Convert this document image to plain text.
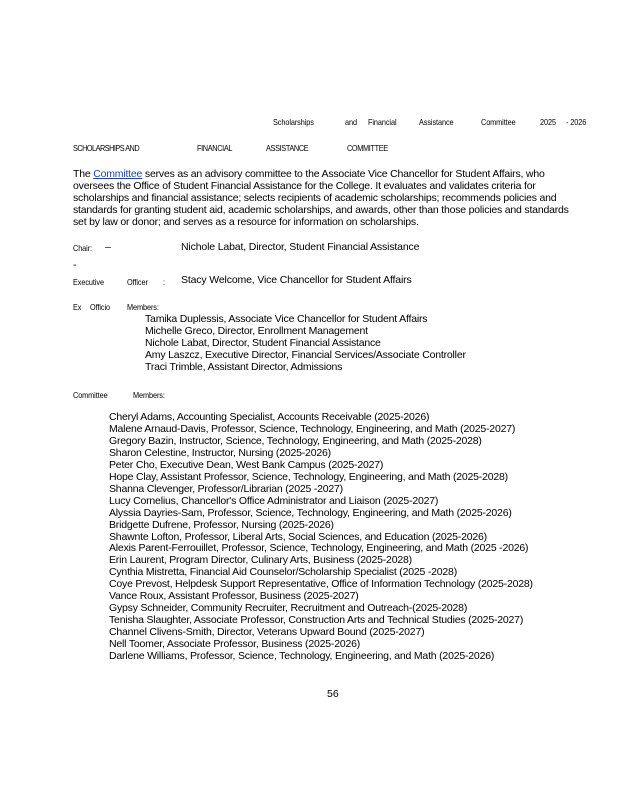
Scholarships	and Financial	Assistance	Committee	2025 - 2026
SCHOLARSHIPS AND	FINANCIAL	ASSISTANCE	COMMITTEE

The Committee serves as an advisory committee to the Associate Vice Chancellor for Student Affairs, who oversees the Office of Student Financial Assistance for the College. It evaluates and validates criteria for scholarships and financial assistance; selects recipients of academic scholarships; recommends policies and standards for granting student aid, academic scholarships, and awards, other than those policies and standards set by law or donor; and serves as a resource for information on scholarships.

Chair: –	Nichole Labat, Director, Student Financial Assistance
-
Executive	Officer : Stacy Welcome, Vice Chancellor for Student Affairs
Ex Officio Members:
Tamika Duplessis, Associate Vice Chancellor for Student Affairs
Michelle Greco, Director, Enrollment Management
Nichole Labat, Director, Student Financial Assistance
Amy Laszcz, Executive Director, Financial Services/Associate Controller
Traci Trimble, Assistant Director, Admissions
Committee	Members:
Cheryl Adams, Accounting Specialist, Accounts Receivable (2025-2026)
Malene Arnaud-Davis, Professor, Science, Technology, Engineering, and Math (2025-2027)
Gregory Bazin, Instructor, Science, Technology, Engineering, and Math (2025-2028)
Sharon Celestine, Instructor, Nursing (2025-2026)
Peter Cho, Executive Dean, West Bank Campus (2025-2027)
Hope Clay, Assistant Professor, Science, Technology, Engineering, and Math (2025-2028)
Shanna Clevenger, Professor/Librarian (2025 -2027)
Lucy Cornelius, Chancellor's Office Administrator and Liaison (2025-2027)
Alyssia Dayries-Sam, Professor, Science, Technology, Engineering, and Math (2025-2026)
Bridgette Dufrene, Professor, Nursing (2025-2026)
Shawnte Lofton, Professor, Liberal Arts, Social Sciences, and Education (2025-2026)
Alexis Parent-Ferrouillet, Professor, Science, Technology, Engineering, and Math (2025 -2026)
Erin Laurent, Program Director, Culinary Arts, Business (2025-2028)
Cynthia Mistretta, Financial Aid Counselor/Scholarship Specialist (2025 -2028)
Coye Prevost, Helpdesk Support Representative, Office of Information Technology (2025-2028)
Vance Roux, Assistant Professor, Business (2025-2027)
Gypsy Schneider, Community Recruiter, Recruitment and Outreach-(2025-2028)
Tenisha Slaughter, Associate Professor, Construction Arts and Technical Studies (2025-2027)
Channel Clivens-Smith, Director, Veterans Upward Bound (2025-2027)
Nell Toomer, Associate Professor, Business (2025-2026)
Darlene Williams, Professor, Science, Technology, Engineering, and Math (2025-2026)
56
